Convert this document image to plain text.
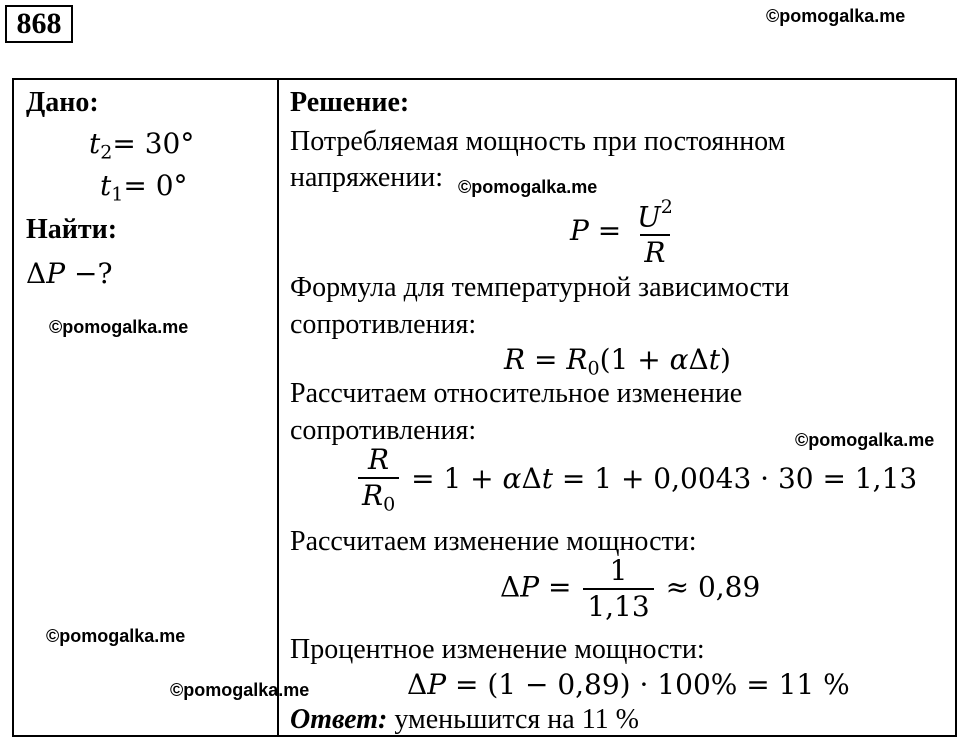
868	©pomogalka.me
Дано:
$t_2= 30^\circ$
$t_1= 0^\circ$
Найти:
ΔP −?
©pomogalka.me
©pomogalka.me
Решение:
Потребляемая мощность при постоянном
напряжении: ©pomogalka.me
$P = \frac{U^2}{R}$
Формула для температурной зависимости
сопротивления:
$R = R_0(1 + \alpha\Delta t)$
Рассчитаем относительное изменение
сопротивления:	©pomogalka.me
$\frac{R}{R_0} = 1 + \alpha\Delta t = 1 + 0,0043 \cdot 30 = 1,13$
Рассчитаем изменение мощности:
$\Delta P = \frac{1}{1,13} \approx 0,89$
Процентное изменение мощности:
ΔP = (1 − 0,89) · 100% = 11 %
©pomogalka.me
Ответ: уменьшится на 11 %
